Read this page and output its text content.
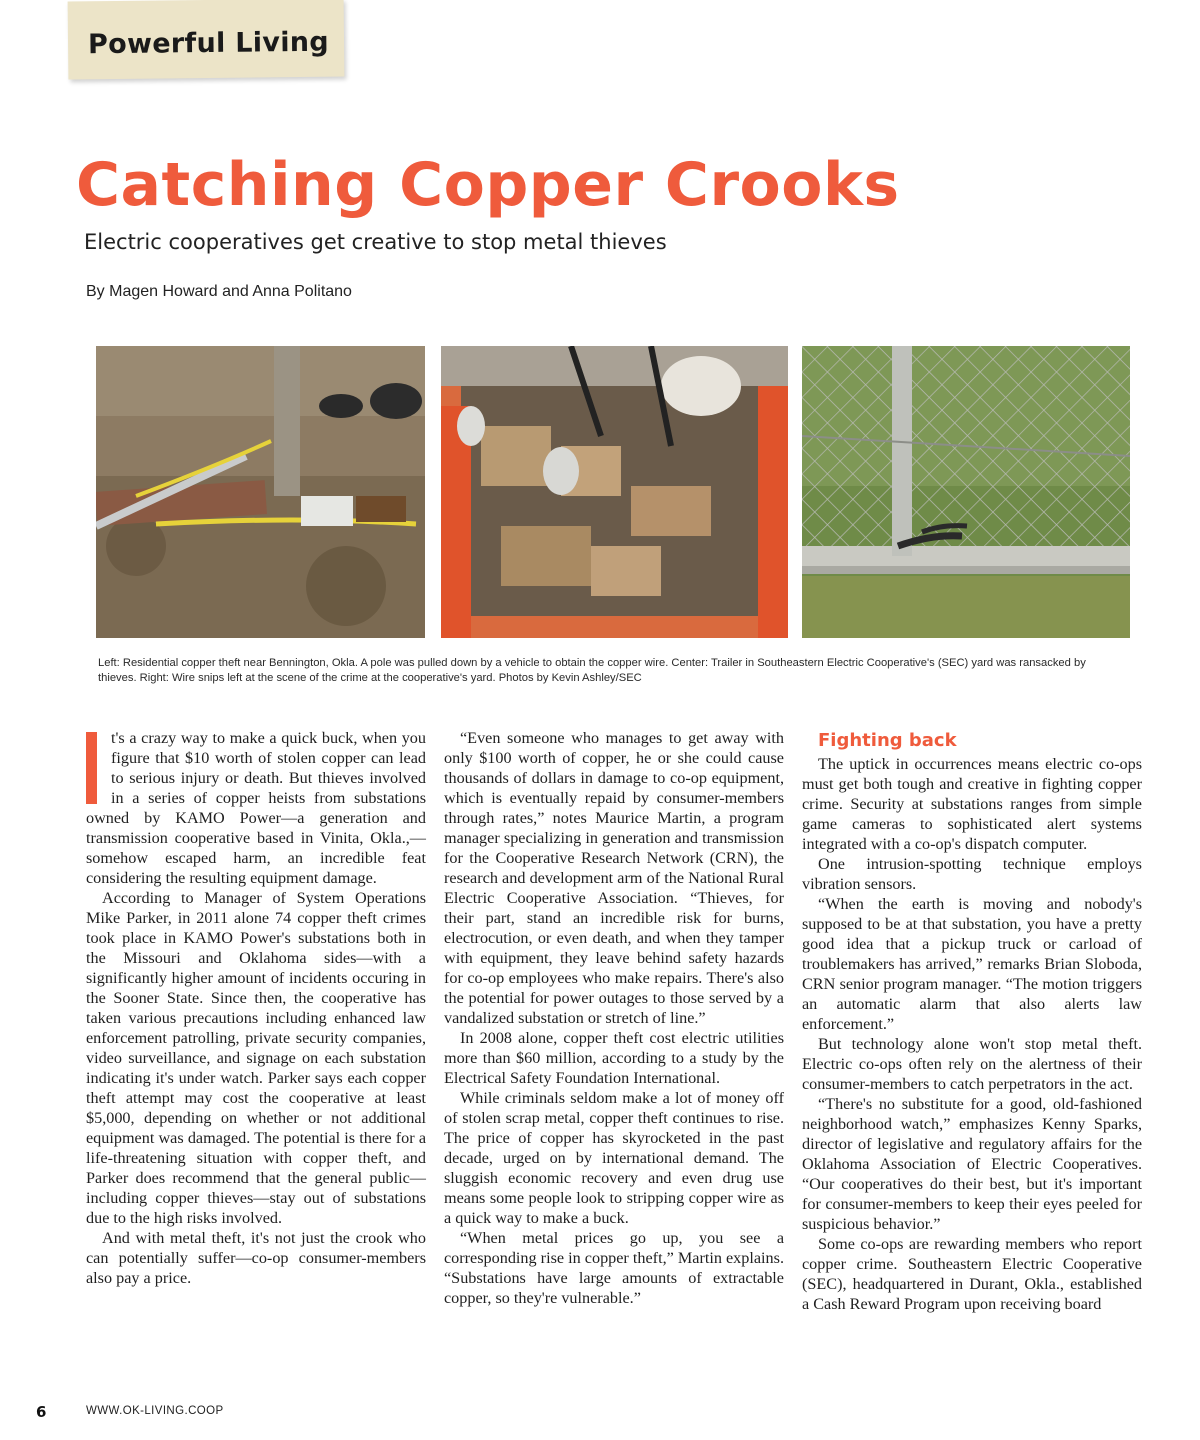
Powerful Living
Catching Copper Crooks
Electric cooperatives get creative to stop metal thieves
By Magen Howard and Anna Politano
Left: Residential copper theft near Bennington, Okla. A pole was pulled down by a vehicle to obtain the copper wire. Center: Trailer in Southeastern Electric Cooperative's (SEC) yard was ransacked by thieves. Right: Wire snips left at the scene of the crime at the cooperative's yard. Photos by Kevin Ashley/SEC

t's a crazy way to make a quick buck, when you figure that $10 worth of stolen copper can lead to serious injury or death. But thieves involved in a series of copper heists from substations owned by KAMO Power—a generation and transmission cooperative based in Vinita, Okla.,—somehow escaped harm, an incredible feat considering the resulting equipment damage.

According to Manager of System Operations Mike Parker, in 2011 alone 74 copper theft crimes took place in KAMO Power's substations both in the Missouri and Oklahoma sides—with a significantly higher amount of incidents occuring in the Sooner State. Since then, the cooperative has taken various precautions including enhanced law enforcement patrolling, private security companies, video surveillance, and signage on each substation indicating it's under watch. Parker says each copper theft attempt may cost the cooperative at least $5,000, depending on whether or not additional equipment was damaged. The potential is there for a life-threatening situation with copper theft, and Parker does recommend that the general public—including copper thieves—stay out of substations due to the high risks involved.

And with metal theft, it's not just the crook who can potentially suffer—co-op consumer-members also pay a price.

“Even someone who manages to get away with only $100 worth of copper, he or she could cause thousands of dollars in damage to co-op equipment, which is eventually repaid by consumer-members through rates,” notes Maurice Martin, a program manager specializing in generation and transmission for the Cooperative Research Network (CRN), the research and development arm of the National Rural Electric Cooperative Association. “Thieves, for their part, stand an incredible risk for burns, electrocution, or even death, and when they tamper with equipment, they leave behind safety hazards for co-op employees who make repairs. There's also the potential for power outages to those served by a vandalized substation or stretch of line.”

In 2008 alone, copper theft cost electric utilities more than $60 million, according to a study by the Electrical Safety Foundation International.

While criminals seldom make a lot of money off of stolen scrap metal, copper theft continues to rise. The price of copper has skyrocketed in the past decade, urged on by international demand. The sluggish economic recovery and even drug use means some people look to stripping copper wire as a quick way to make a buck.

“When metal prices go up, you see a corresponding rise in copper theft,” Martin explains. “Substations have large amounts of extractable copper, so they're vulnerable.”

Fighting back

The uptick in occurrences means electric co-ops must get both tough and creative in fighting copper crime. Security at substations ranges from simple game cameras to sophisticated alert systems integrated with a co-op's dispatch computer.

One intrusion-spotting technique employs vibration sensors.

“When the earth is moving and nobody's supposed to be at that substation, you have a pretty good idea that a pickup truck or carload of troublemakers has arrived,” remarks Brian Sloboda, CRN senior program manager. “The motion triggers an automatic alarm that also alerts law enforcement.”

But technology alone won't stop metal theft. Electric co-ops often rely on the alertness of their consumer-members to catch perpetrators in the act.

“There's no substitute for a good, old-fashioned neighborhood watch,” emphasizes Kenny Sparks, director of legislative and regulatory affairs for the Oklahoma Association of Electric Cooperatives. “Our cooperatives do their best, but it's important for consumer-members to keep their eyes peeled for suspicious behavior.”

Some co-ops are rewarding members who report copper crime. Southeastern Electric Cooperative (SEC), headquartered in Durant, Okla., established a Cash Reward Program upon receiving board

6	WWW.OK-LIVING.COOP
